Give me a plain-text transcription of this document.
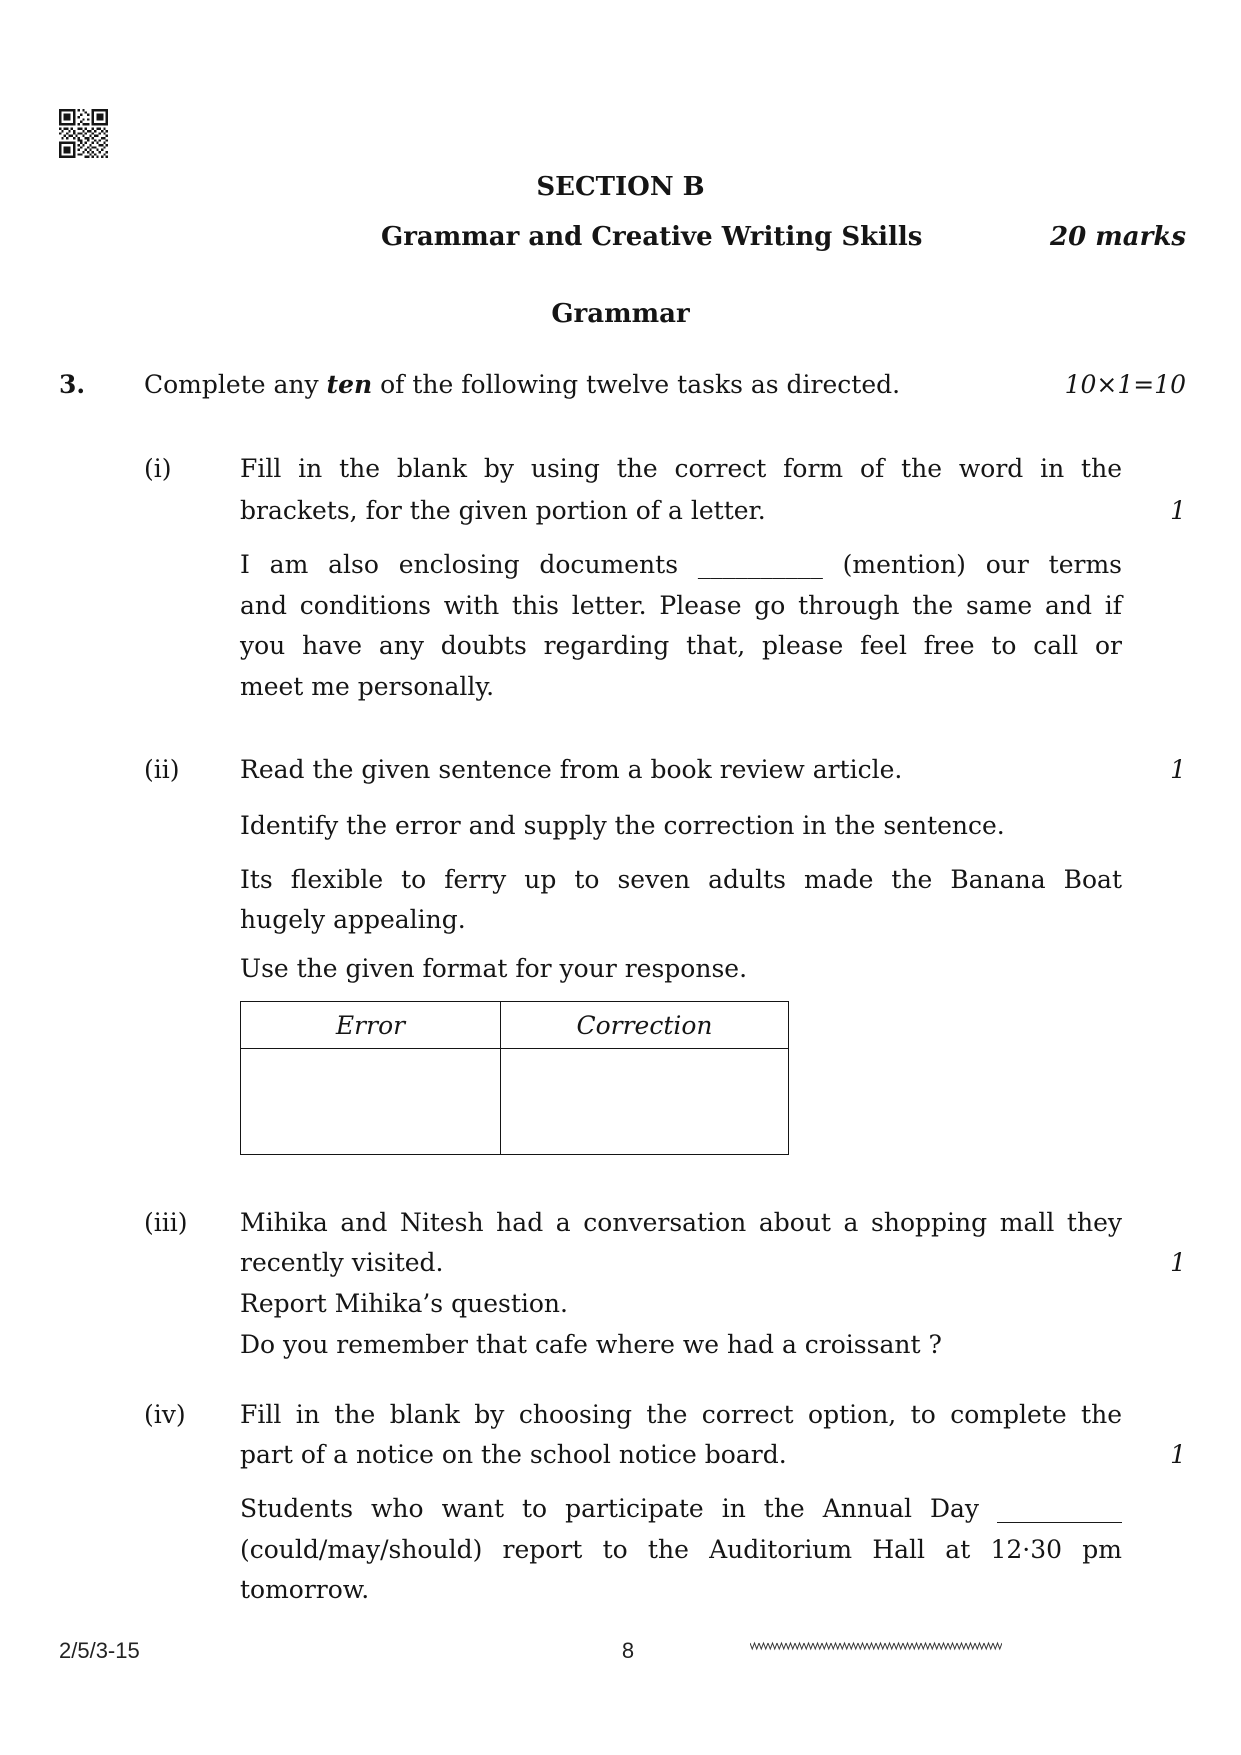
SECTION B
Grammar and Creative Writing Skills	20 marks
Grammar
3. Complete any ten of the following twelve tasks as directed.	10×1=10
(i)	Fill in the blank by using the correct form of the word in the
brackets, for the given portion of a letter.	1
I am also enclosing documents __________ (mention) our terms
and conditions with this letter. Please go through the same and if
you have any doubts regarding that, please feel free to call or
meet me personally.
(ii) Read the given sentence from a book review article.	1
Identify the error and supply the correction in the sentence.
Its flexible to ferry up to seven adults made the Banana Boat
hugely appealing.
Use the given format for your response.
Error	Correction

(iii) Mihika and Nitesh had a conversation about a shopping mall they
recently visited.	1
Report Mihika’s question.
Do you remember that cafe where we had a croissant ?
(iv) Fill in the blank by choosing the correct option, to complete the
part of a notice on the school notice board.	1
Students who want to participate in the Annual Day __________
(could/may/should) report to the Auditorium Hall at 12·30 pm
tomorrow.
2/5/3-15	8
